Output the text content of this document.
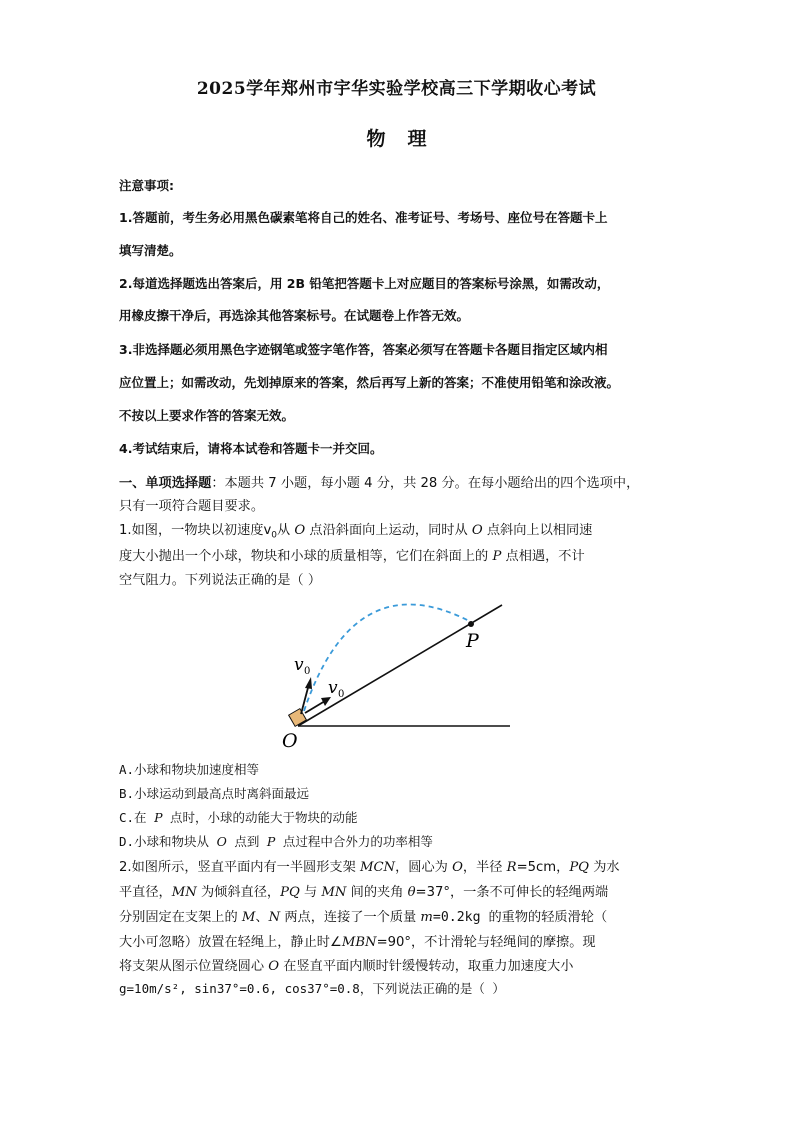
2025学年郑州市宇华实验学校高三下学期收心考试
物理
注意事项:
1.答题前，考生务必用黑色碳素笔将自己的姓名、准考证号、考场号、座位号在答题卡上
填写清楚。
2.每道选择题选出答案后，用 2B 铅笔把答题卡上对应题目的答案标号涂黑，如需改动，
用橡皮擦干净后，再选涂其他答案标号。在试题卷上作答无效。
3.非选择题必须用黑色字迹钢笔或签字笔作答，答案必须写在答题卡各题目指定区域内相
应位置上；如需改动，先划掉原来的答案，然后再写上新的答案；不准使用铅笔和涂改液。
不按以上要求作答的答案无效。
4.考试结束后，请将本试卷和答题卡一并交回。
一、单项选择题：本题共 7 小题，每小题 4 分，共 28 分。在每小题给出的四个选项中，
只有一项符合题目要求。
1.如图，一物块以初速度$v_0$从 O 点沿斜面向上运动，同时从 O 点斜向上以相同速
度大小抛出一个小球，物块和小球的质量相等，它们在斜面上的 P 点相遇，不计
空气阻力。下列说法正确的是（ ）
P
O
v 0
v 0
A.小球和物块加速度相等
B.小球运动到最高点时离斜面最远
C.在 P 点时，小球的动能大于物块的动能
D.小球和物块从 O 点到 P 点过程中合外力的功率相等
2.如图所示，竖直平面内有一半圆形支架 MCN，圆心为 O，半径 R=5cm，PQ 为水
平直径，MN 为倾斜直径，PQ 与 MN 间的夹角 θ=37°，一条不可伸长的轻绳两端
分别固定在支架上的 M、N 两点，连接了一个质量 m=0.2kg 的重物的轻质滑轮（
大小可忽略）放置在轻绳上，静止时∠MBN=90°，不计滑轮与轻绳间的摩擦。现
将支架从图示位置绕圆心 O 在竖直平面内顺时针缓慢转动，取重力加速度大小
g=10m/s², sin37°=0.6, cos37°=0.8，下列说法正确的是（ ）
